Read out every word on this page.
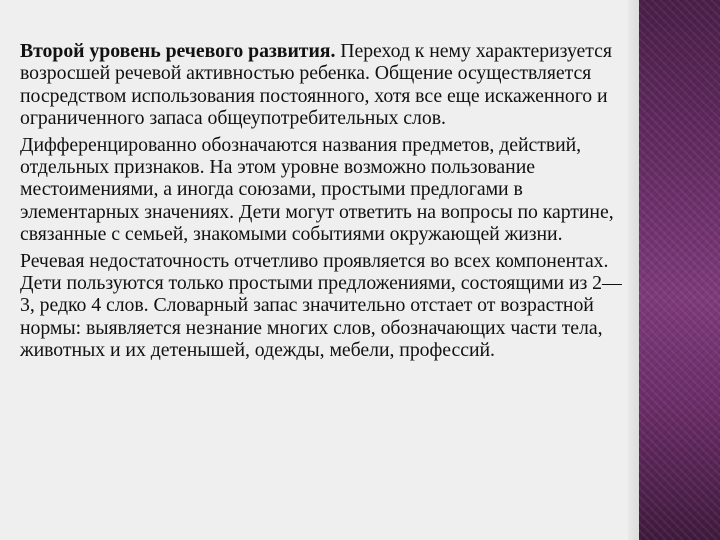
Второй уровень речевого развития. Переход к нему характеризуется возросшей речевой активностью ребенка. Общение осуществляется посредством использования постоянного, хотя все еще искаженного и ограниченного запаса общеупотребительных слов.

Дифференцированно обозначаются названия предметов, действий, отдельных признаков. На этом уровне возможно пользование местоимениями, а иногда союзами, простыми предлогами в элементарных значениях. Дети могут ответить на вопросы по картине, связанные с семьей, знакомыми событиями окружающей жизни.

Речевая недостаточность отчетливо проявляется во всех компонентах. Дети пользуются только простыми предложениями, состоящими из 2—3, редко 4 слов. Словарный запас значительно отстает от возрастной нормы: выявляется незнание многих слов, обозначающих части тела, животных и их детенышей, одежды, мебели, профессий.
